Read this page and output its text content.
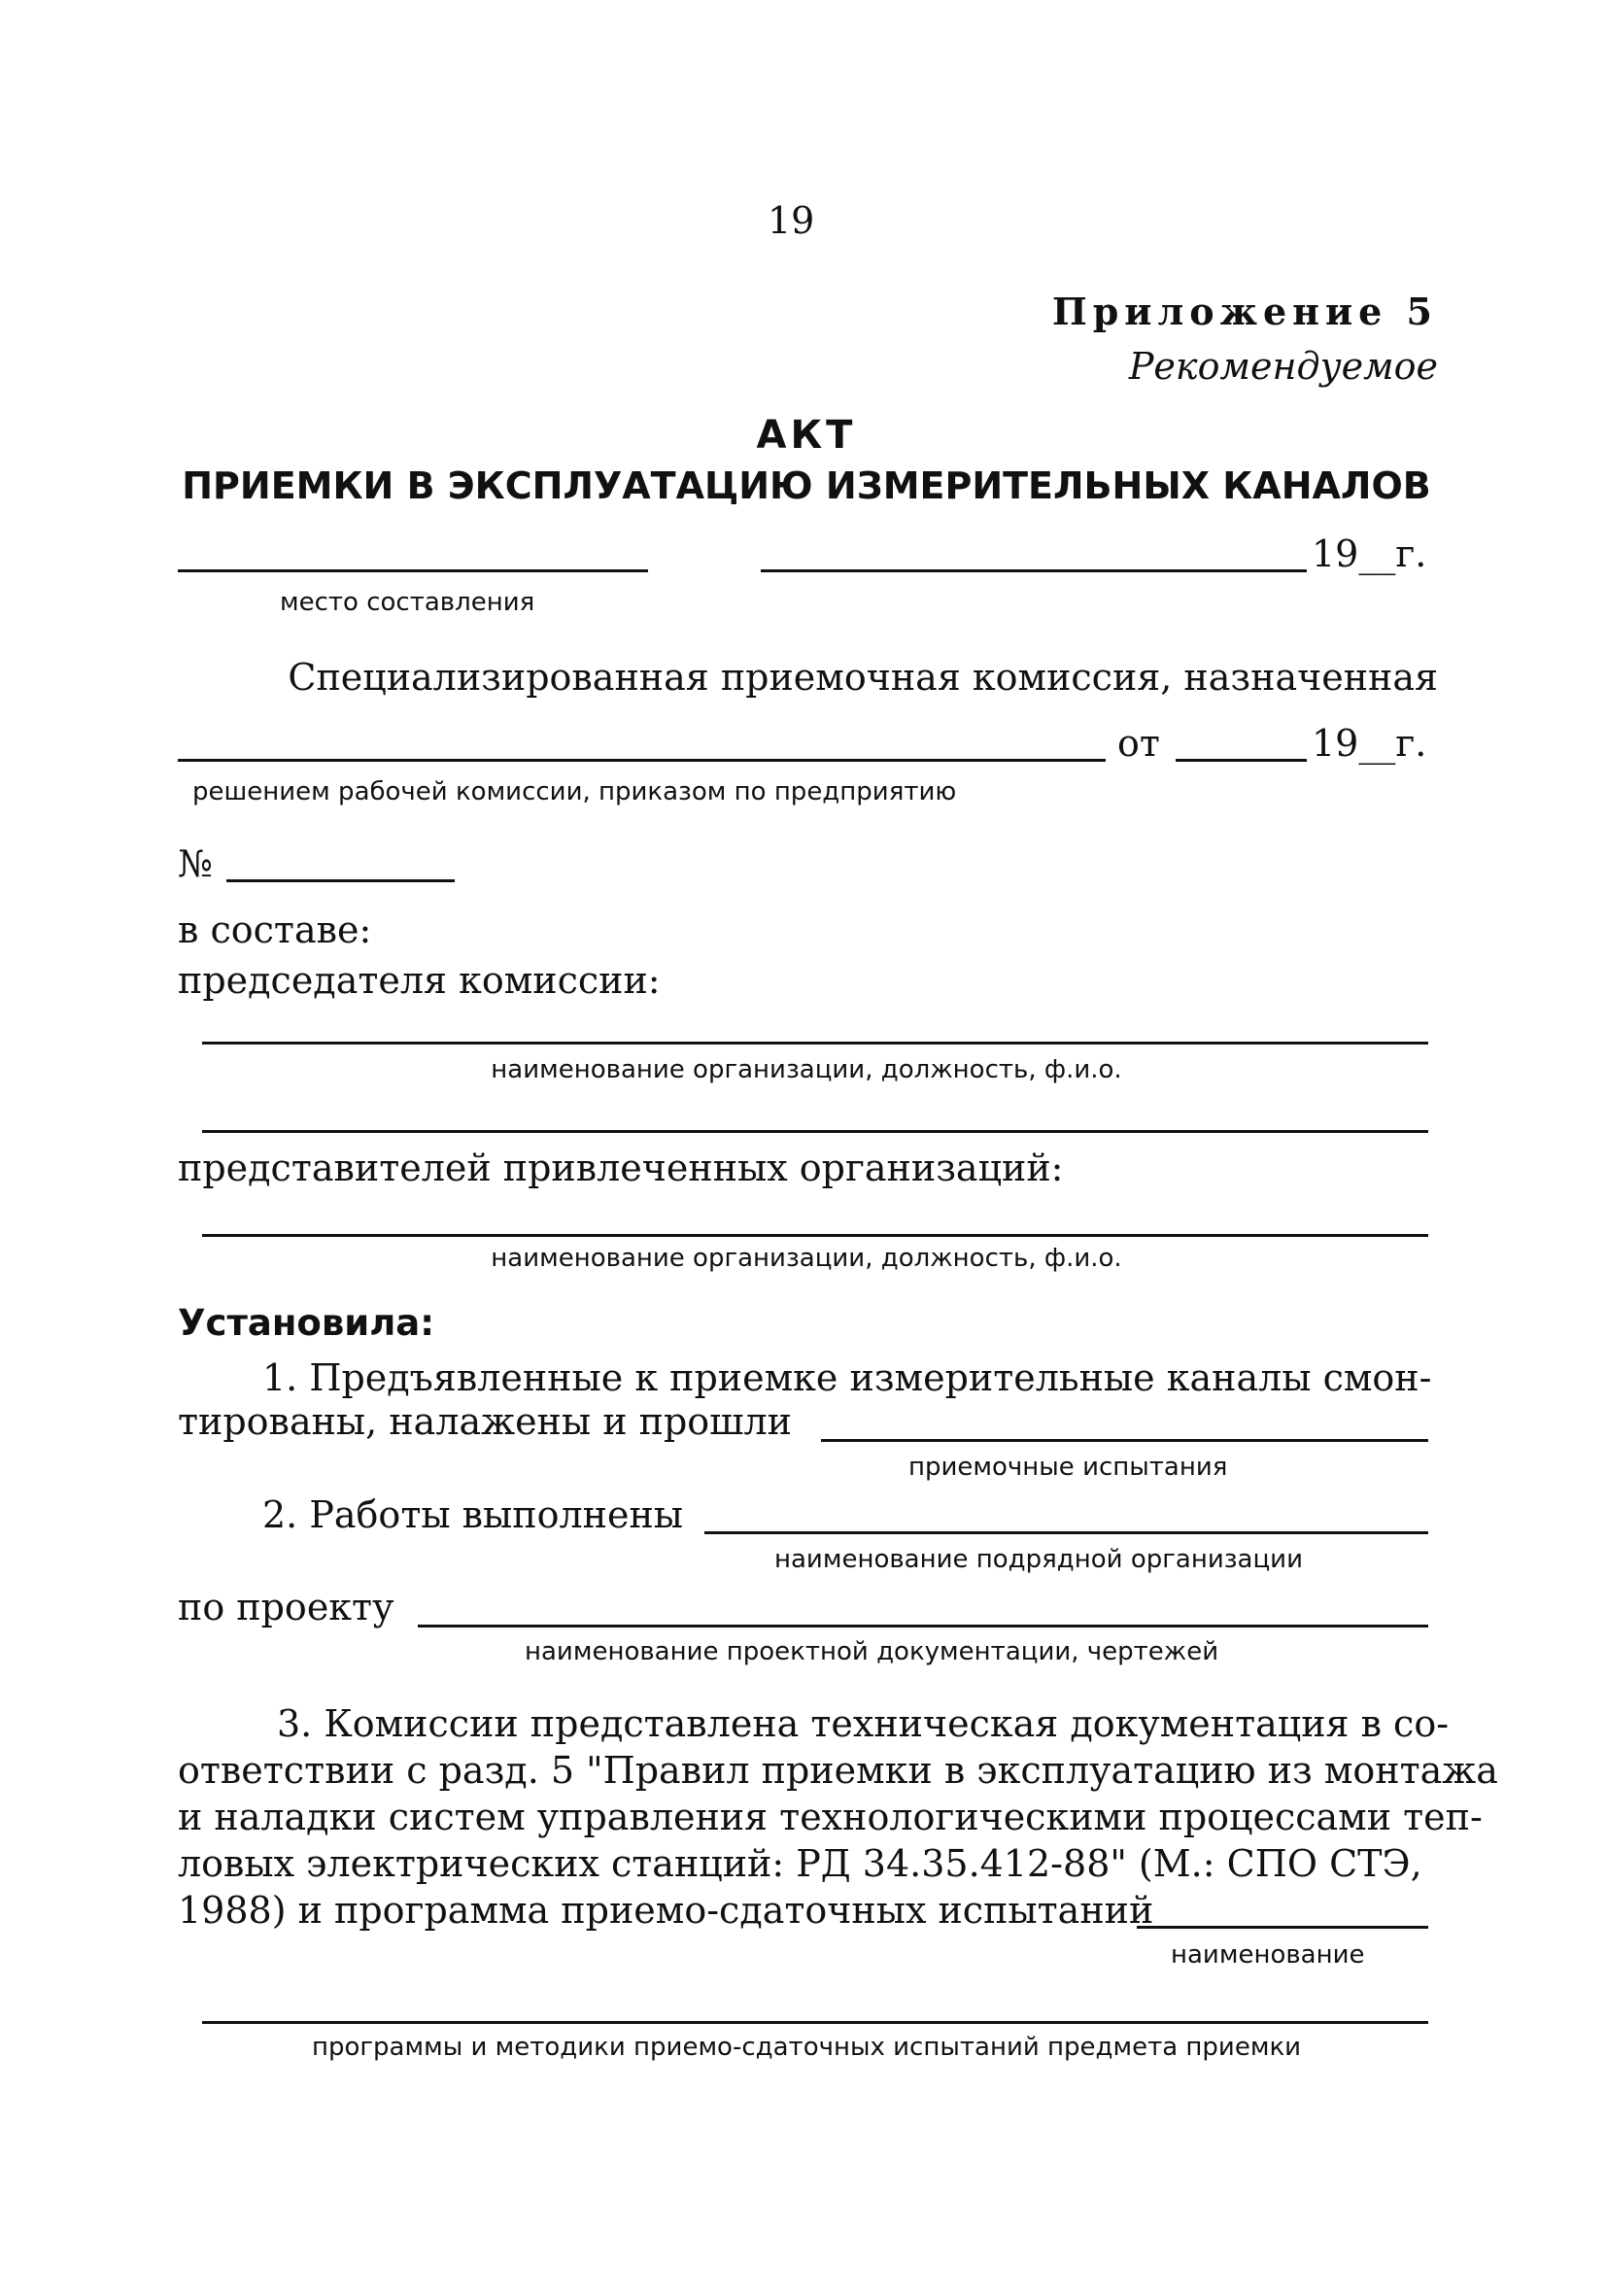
19
Приложение 5
Рекомендуемое
АКТ
ПРИЕМКИ В ЭКСПЛУАТАЦИЮ ИЗМЕРИТЕЛЬНЫХ КАНАЛОВ
19__г.
место составления
Специализированная приемочная комиссия, назначенная
от	19__г.
решением рабочей комиссии, приказом по предприятию
№
в составе:
председателя комиссии:
наименование организации, должность, ф.и.о.
представителей привлеченных организаций:
наименование организации, должность, ф.и.о.
Установила:
1. Предъявленные к приемке измерительные каналы смон-
тированы, налажены и прошли
приемочные испытания
2. Работы выполнены
наименование подрядной организации
по проекту
наименование проектной документации, чертежей
3. Комиссии представлена техническая документация в со-
ответствии с разд. 5 "Правил приемки в эксплуатацию из монтажа
и наладки систем управления технологическими процессами теп-
ловых электрических станций: РД 34.35.412-88" (М.: СПО СТЭ,
1988) и программа приемо-сдаточных испытаний
наименование
программы и методики приемо-сдаточных испытаний предмета приемки
